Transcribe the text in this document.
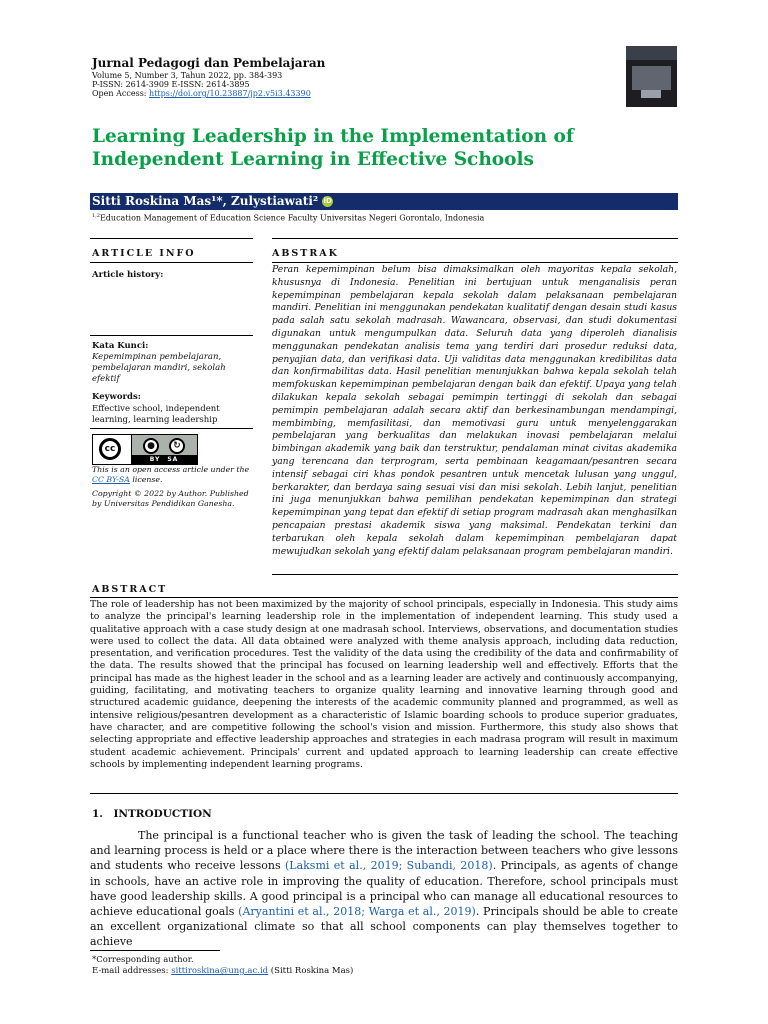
Jurnal Pedagogi dan Pembelajaran
Volume 5, Number 3, Tahun 2022, pp. 384-393
P-ISSN: 2614-3909 E-ISSN: 2614-3895
Open Access: https://doi.org/10.23887/jp2.v5i3.43390
Learning Leadership in the Implementation of Independent Learning in Effective Schools
Sitti Roskina Mas¹*, Zulystiawati² iD
$^{1,2}$Education Management of Education Science Faculty Universitas Negeri Gorontalo, Indonesia
ARTICLE INFO
Article history:
Kata Kunci:
Kepemimpinan pembelajaran, pembelajaran mandiri, sekolah efektif
Keywords:
Effective school, independent learning, learning leadership
cc	●	↻
BY  SA
This is an open access article under the CC BY-SA license.
Copyright © 2022 by Author. Published by Universitas Pendidikan Ganesha.
ABSTRAK
Peran kepemimpinan belum bisa dimaksimalkan oleh mayoritas kepala sekolah, khususnya di Indonesia. Penelitian ini bertujuan untuk menganalisis peran kepemimpinan pembelajaran kepala sekolah dalam pelaksanaan pembelajaran mandiri. Penelitian ini menggunakan pendekatan kualitatif dengan desain studi kasus pada salah satu sekolah madrasah. Wawancara, observasi, dan studi dokumentasi digunakan untuk mengumpulkan data. Seluruh data yang diperoleh dianalisis menggunakan pendekatan analisis tema yang terdiri dari prosedur reduksi data, penyajian data, dan verifikasi data. Uji validitas data menggunakan kredibilitas data dan konfirmabilitas data. Hasil penelitian menunjukkan bahwa kepala sekolah telah memfokuskan kepemimpinan pembelajaran dengan baik dan efektif. Upaya yang telah dilakukan kepala sekolah sebagai pemimpin tertinggi di sekolah dan sebagai pemimpin pembelajaran adalah secara aktif dan berkesinambungan mendampingi, membimbing, memfasilitasi, dan memotivasi guru untuk menyelenggarakan pembelajaran yang berkualitas dan melakukan inovasi pembelajaran melalui bimbingan akademik yang baik dan terstruktur, pendalaman minat civitas akademika yang terencana dan terprogram, serta pembinaan keagamaan/pesantren secara intensif sebagai ciri khas pondok pesantren untuk mencetak lulusan yang unggul, berkarakter, dan berdaya saing sesuai visi dan misi sekolah. Lebih lanjut, penelitian ini juga menunjukkan bahwa pemilihan pendekatan kepemimpinan dan strategi kepemimpinan yang tepat dan efektif di setiap program madrasah akan menghasilkan pencapaian prestasi akademik siswa yang maksimal. Pendekatan terkini dan terbarukan oleh kepala sekolah dalam kepemimpinan pembelajaran dapat mewujudkan sekolah yang efektif dalam pelaksanaan program pembelajaran mandiri.
ABSTRACT
The role of leadership has not been maximized by the majority of school principals, especially in Indonesia. This study aims to analyze the principal's learning leadership role in the implementation of independent learning. This study used a qualitative approach with a case study design at one madrasah school. Interviews, observations, and documentation studies were used to collect the data. All data obtained were analyzed with theme analysis approach, including data reduction, presentation, and verification procedures. Test the validity of the data using the credibility of the data and confirmability of the data. The results showed that the principal has focused on learning leadership well and effectively. Efforts that the principal has made as the highest leader in the school and as a learning leader are actively and continuously accompanying, guiding, facilitating, and motivating teachers to organize quality learning and innovative learning through good and structured academic guidance, deepening the interests of the academic community planned and programmed, as well as intensive religious/pesantren development as a characteristic of Islamic boarding schools to produce superior graduates, have character, and are competitive following the school's vision and mission. Furthermore, this study also shows that selecting appropriate and effective leadership approaches and strategies in each madrasa program will result in maximum student academic achievement. Principals' current and updated approach to learning leadership can create effective schools by implementing independent learning programs.
1. INTRODUCTION
The principal is a functional teacher who is given the task of leading the school. The teaching and learning process is held or a place where there is the interaction between teachers who give lessons and students who receive lessons (Laksmi et al., 2019; Subandi, 2018). Principals, as agents of change in schools, have an active role in improving the quality of education. Therefore, school principals must have good leadership skills. A good principal is a principal who can manage all educational resources to achieve educational goals (Aryantini et al., 2018; Warga et al., 2019). Principals should be able to create an excellent organizational climate so that all school components can play themselves together to achieve
*Corresponding author.
E-mail addresses: sittiroskina@ung.ac.id (Sitti Roskina Mas)
